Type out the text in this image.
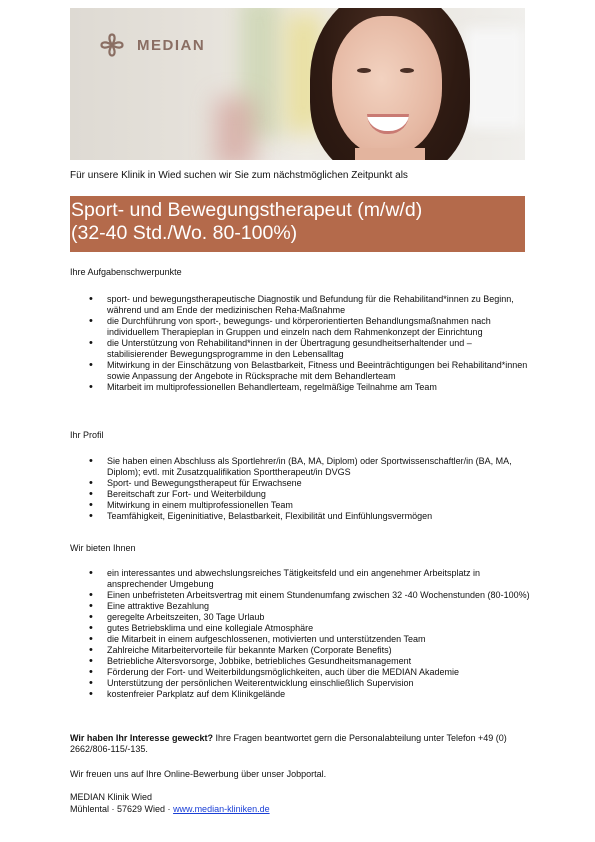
MEDIAN
Für unsere Klinik in Wied suchen wir Sie zum nächstmöglichen Zeitpunkt als
Sport- und Bewegungstherapeut (m/w/d)
(32-40 Std./Wo. 80-100%)
Ihre Aufgabenschwerpunkte
• sport- und bewegungstherapeutische Diagnostik und Befundung für die Rehabilitand*innen zu Beginn, während und am Ende der medizinischen Reha-Maßnahme
• die Durchführung von sport-, bewegungs- und körperorientierten Behandlungsmaßnahmen nach individuellem Therapieplan in Gruppen und einzeln nach dem Rahmenkonzept der Einrichtung
• die Unterstützung von Rehabilitand*innen in der Übertragung gesundheitserhaltender und – stabilisierender Bewegungsprogramme in den Lebensalltag
• Mitwirkung in der Einschätzung von Belastbarkeit, Fitness und Beeinträchtigungen bei Rehabilitand*innen sowie Anpassung der Angebote in Rücksprache mit dem Behandlerteam
• Mitarbeit im multiprofessionellen Behandlerteam, regelmäßige Teilnahme am Team
Ihr Profil
• Sie haben einen Abschluss als Sportlehrer/in (BA, MA, Diplom) oder Sportwissenschaftler/in (BA, MA, Diplom); evtl. mit Zusatzqualifikation Sporttherapeut/in DVGS
• Sport- und Bewegungstherapeut für Erwachsene
• Bereitschaft zur Fort- und Weiterbildung
• Mitwirkung in einem multiprofessionellen Team
• Teamfähigkeit, Eigeninitiative, Belastbarkeit, Flexibilität und Einfühlungsvermögen
Wir bieten Ihnen
• ein interessantes und abwechslungsreiches Tätigkeitsfeld und ein angenehmer Arbeitsplatz in ansprechender Umgebung
• Einen unbefristeten Arbeitsvertrag mit einem Stundenumfang zwischen 32 -40 Wochenstunden (80-100%)
• Eine attraktive Bezahlung
• geregelte Arbeitszeiten, 30 Tage Urlaub
• gutes Betriebsklima und eine kollegiale Atmosphäre
• die Mitarbeit in einem aufgeschlossenen, motivierten und unterstützenden Team
• Zahlreiche Mitarbeitervorteile für bekannte Marken (Corporate Benefits)
• Betriebliche Altersvorsorge, Jobbike, betriebliches Gesundheitsmanagement
• Förderung der Fort- und Weiterbildungsmöglichkeiten, auch über die MEDIAN Akademie
• Unterstützung der persönlichen Weiterentwicklung einschließlich Supervision
• kostenfreier Parkplatz auf dem Klinikgelände
Wir haben Ihr Interesse geweckt? Ihre Fragen beantwortet gern die Personalabteilung unter Telefon +49 (0) 2662/806-115/-135.
Wir freuen uns auf Ihre Online-Bewerbung über unser Jobportal.
MEDIAN Klinik Wied
Mühlental · 57629 Wied · www.median-kliniken.de
